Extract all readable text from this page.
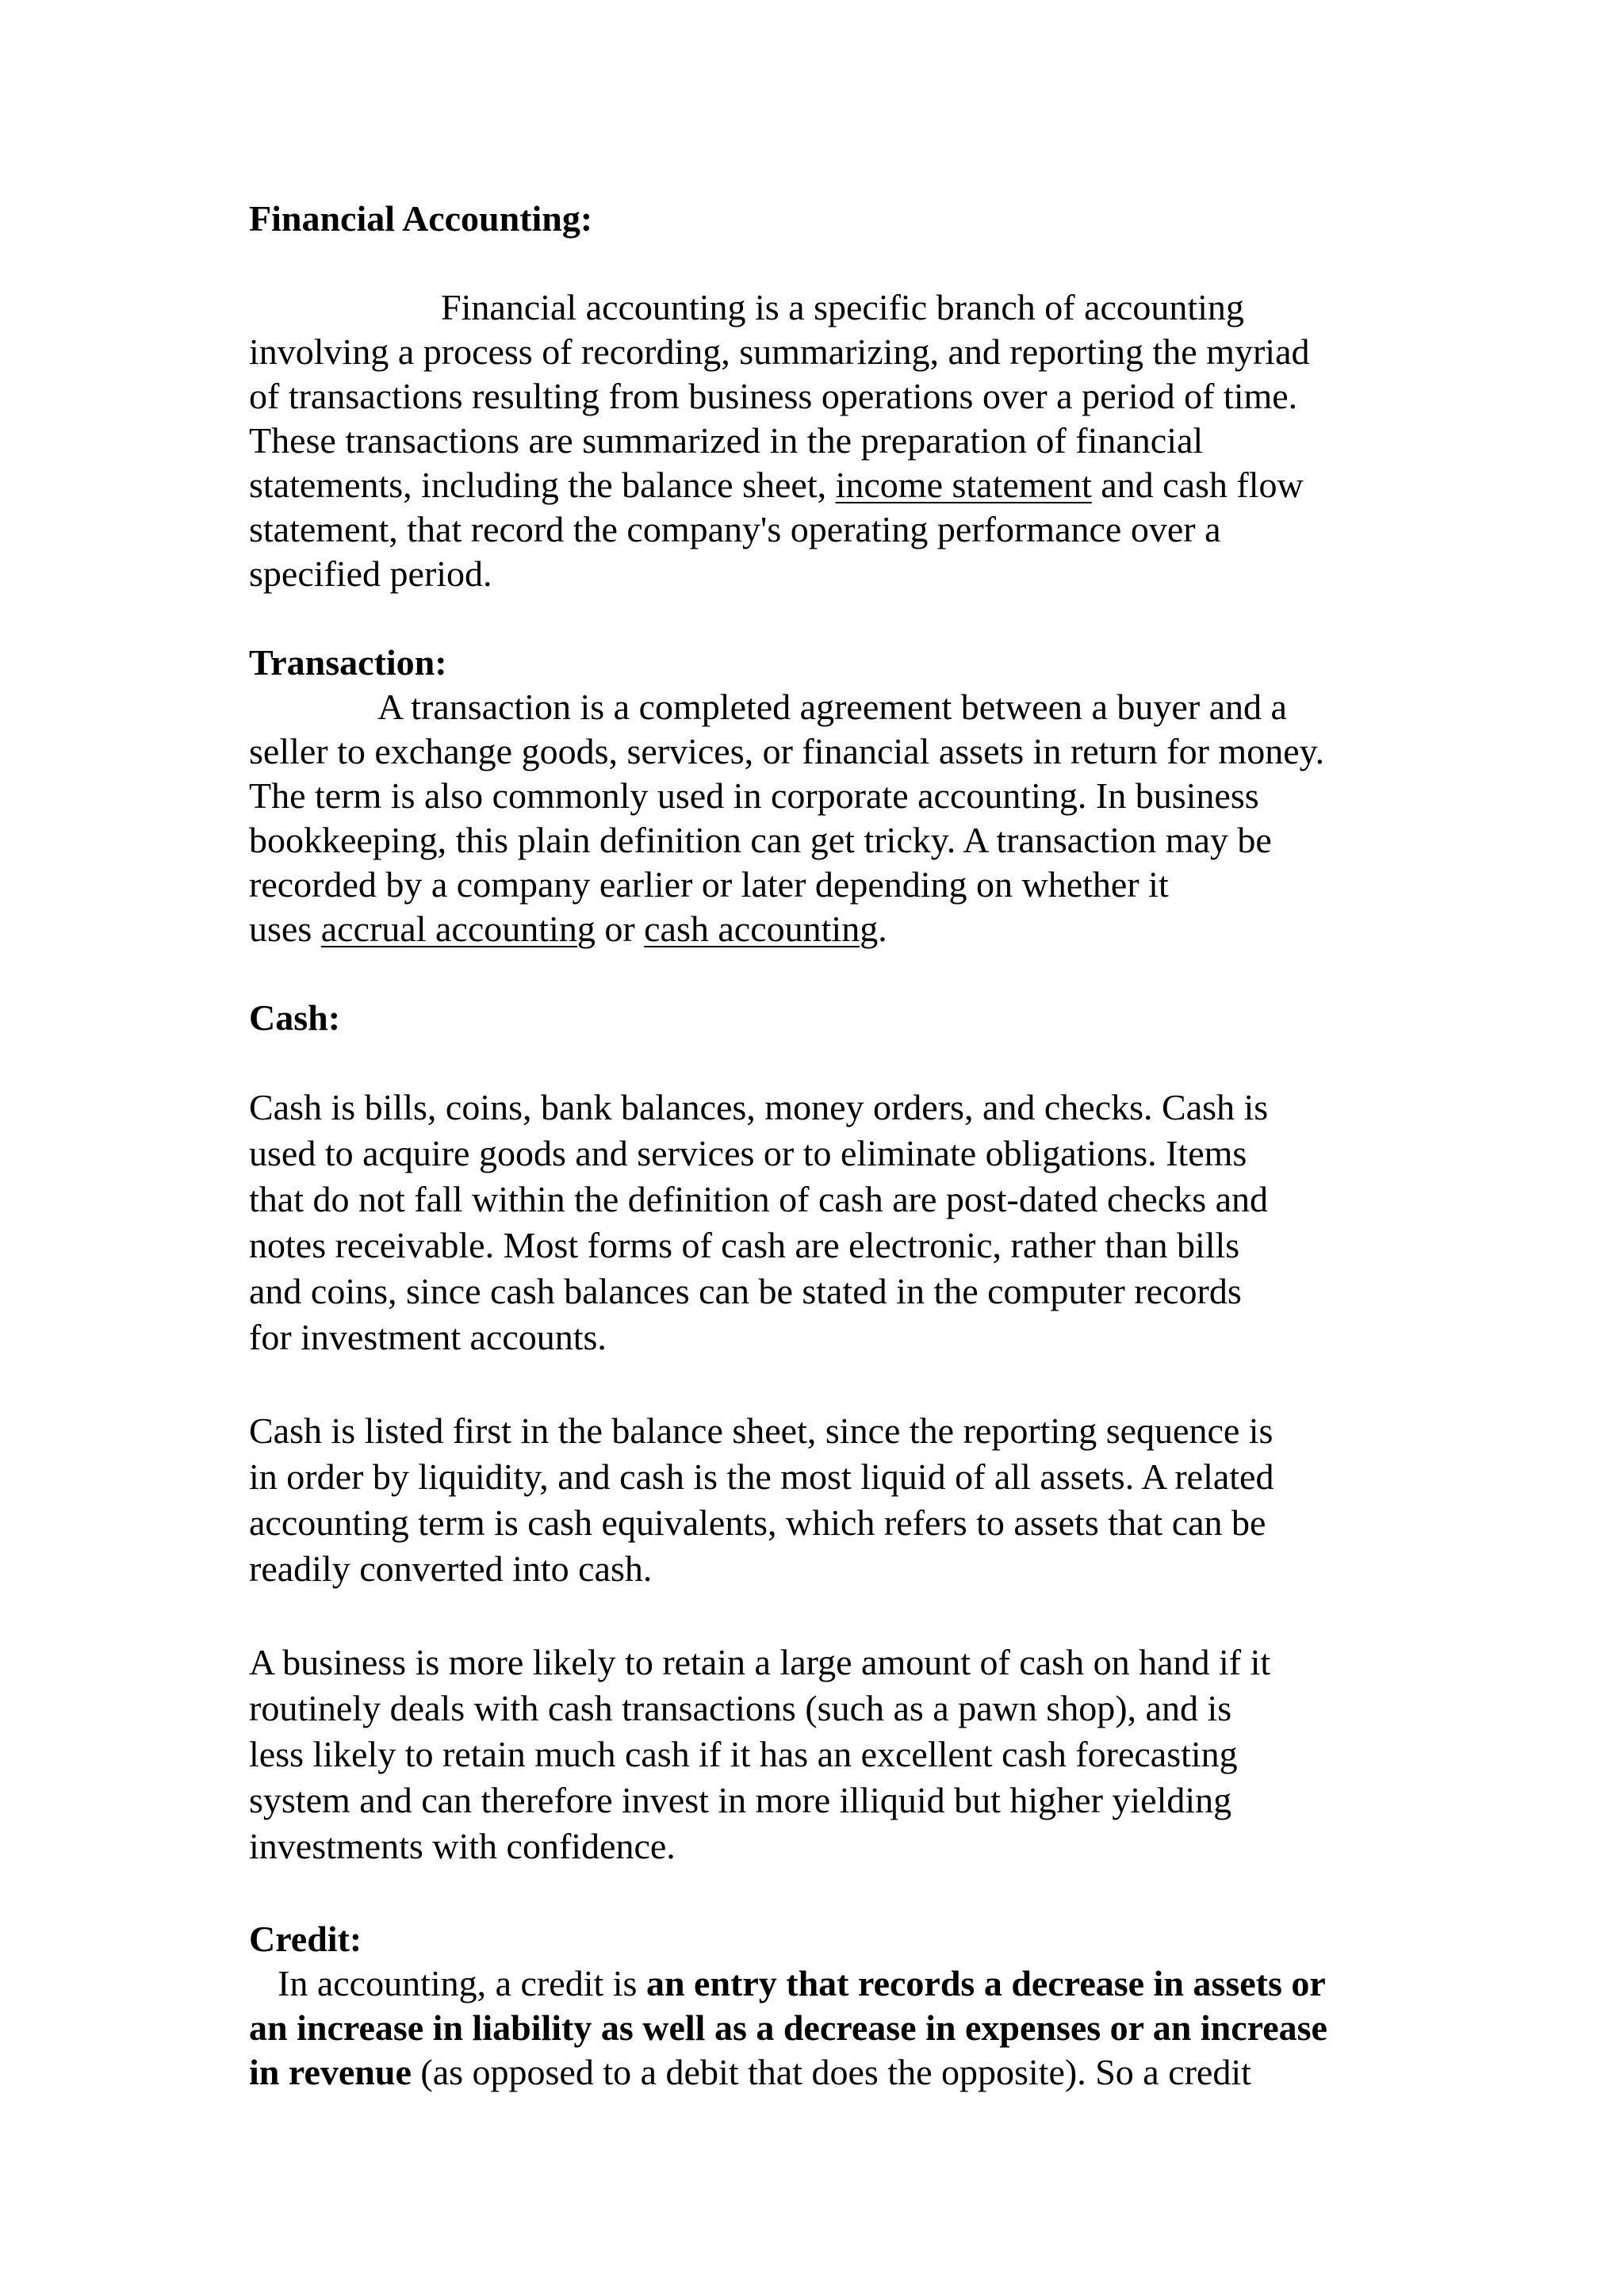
Financial Accounting:

Financial accounting is a specific branch of accounting
involving a process of recording, summarizing, and reporting the myriad
of transactions resulting from business operations over a period of time.
These transactions are summarized in the preparation of financial
statements, including the balance sheet, income statement and cash flow
statement, that record the company's operating performance over a
specified period.

Transaction:

A transaction is a completed agreement between a buyer and a
seller to exchange goods, services, or financial assets in return for money.
The term is also commonly used in corporate accounting. In business
bookkeeping, this plain definition can get tricky. A transaction may be
recorded by a company earlier or later depending on whether it
uses accrual accounting or cash accounting.

Cash:

Cash is bills, coins, bank balances, money orders, and checks. Cash is
used to acquire goods and services or to eliminate obligations. Items
that do not fall within the definition of cash are post-dated checks and
notes receivable. Most forms of cash are electronic, rather than bills
and coins, since cash balances can be stated in the computer records
for investment accounts.
Cash is listed first in the balance sheet, since the reporting sequence is
in order by liquidity, and cash is the most liquid of all assets. A related
accounting term is cash equivalents, which refers to assets that can be
readily converted into cash.
A business is more likely to retain a large amount of cash on hand if it
routinely deals with cash transactions (such as a pawn shop), and is
less likely to retain much cash if it has an excellent cash forecasting
system and can therefore invest in more illiquid but higher yielding
investments with confidence.

Credit:

In accounting, a credit is an entry that records a decrease in assets or
an increase in liability as well as a decrease in expenses or an increase
in revenue (as opposed to a debit that does the opposite). So a credit
